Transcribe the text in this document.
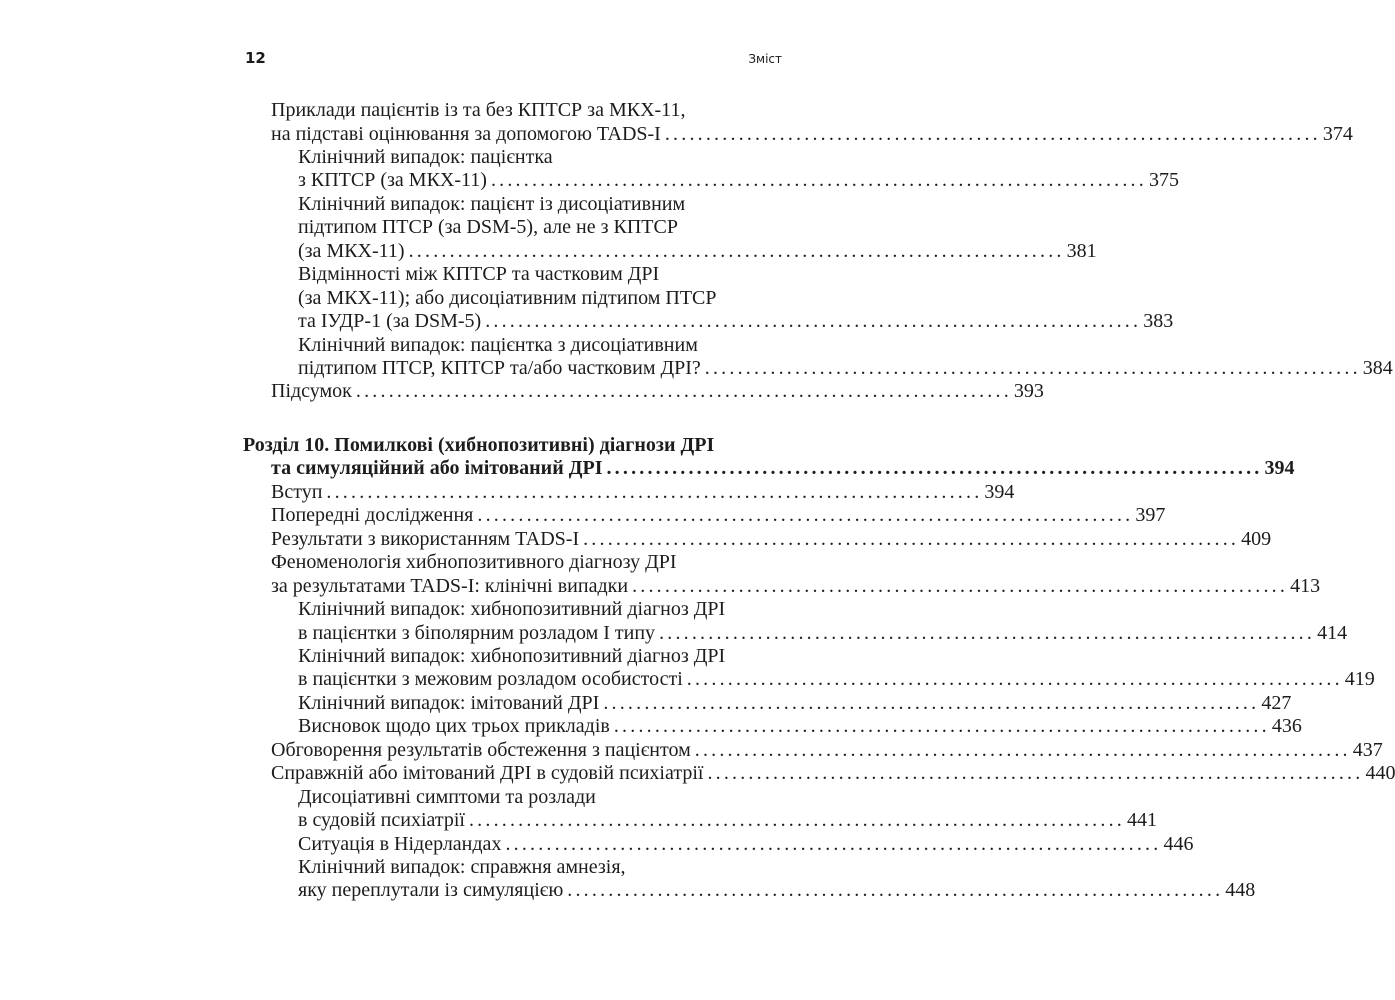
12	Зміст
Приклади пацієнтів із та без КПТСР за МКХ-11,
на підставі оцінювання за допомогою TADS-I ................................................................................ 374
Клінічний випадок: пацієнтка
з КПТСР (за МКХ-11) ................................................................................ 375
Клінічний випадок: пацієнт із дисоціативним
підтипом ПТСР (за DSM-5), але не з КПТСР
(за МКХ-11) ................................................................................ 381
Відмінності між КПТСР та частковим ДРІ
(за МКХ-11); або дисоціативним підтипом ПТСР
та ІУДР-1 (за DSM-5) ................................................................................ 383
Клінічний випадок: пацієнтка з дисоціативним
підтипом ПТСР, КПТСР та/або частковим ДРІ? ................................................................................ 384
Підсумок ................................................................................ 393
Розділ 10. Помилкові (хибнопозитивні) діагнози ДРІ
та симуляційний або імітований ДРІ ................................................................................ 394
Вступ ................................................................................ 394
Попередні дослідження ................................................................................ 397
Результати з використанням TADS-I ................................................................................ 409
Феноменологія хибнопозитивного діагнозу ДРІ
за результатами TADS-I: клінічні випадки ................................................................................ 413
Клінічний випадок: хибнопозитивний діагноз ДРІ
в пацієнтки з біполярним розладом І типу ................................................................................ 414
Клінічний випадок: хибнопозитивний діагноз ДРІ
в пацієнтки з межовим розладом особистості ................................................................................ 419
Клінічний випадок: імітований ДРІ ................................................................................ 427
Висновок щодо цих трьох прикладів ................................................................................ 436
Обговорення результатів обстеження з пацієнтом ................................................................................ 437
Справжній або імітований ДРІ в судовій психіатрії ................................................................................ 440
Дисоціативні симптоми та розлади
в судовій психіатрії ................................................................................ 441
Ситуація в Нідерландах ................................................................................ 446
Клінічний випадок: справжня амнезія,
яку переплутали із симуляцією ................................................................................ 448
